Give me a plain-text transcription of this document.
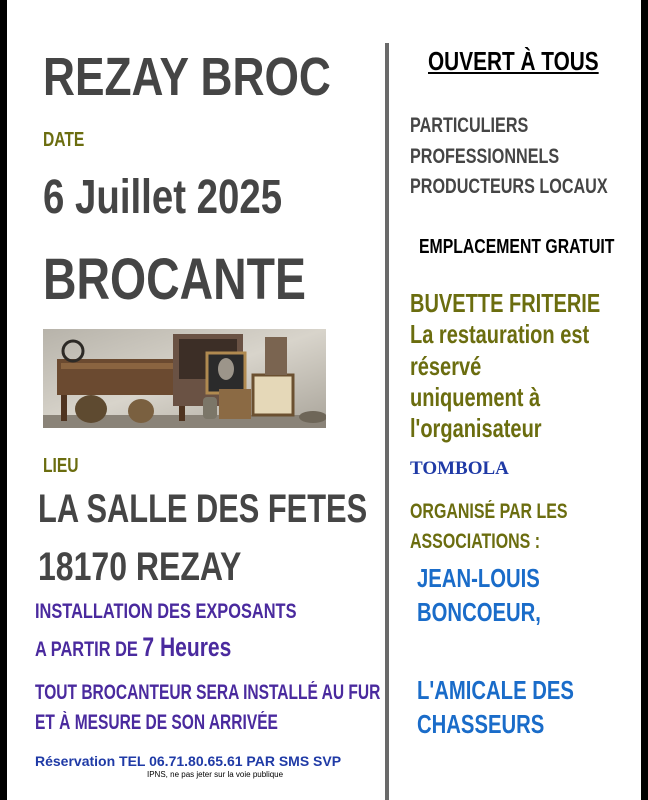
REZAY BROC
DATE
6 Juillet 2025
BROCANTE
LIEU
LA SALLE DES FETES
18170 REZAY
INSTALLATION DES EXPOSANTS
A PARTIR DE 7 Heures
TOUT BROCANTEUR SERA INSTALLÉ AU FUR
ET À MESURE DE SON ARRIVÉE
Réservation TEL 06.71.80.65.61 PAR SMS SVP
IPNS, ne pas jeter sur la voie publique
OUVERT À TOUS
PARTICULIERS
PROFESSIONNELS
PRODUCTEURS LOCAUX
EMPLACEMENT GRATUIT
BUVETTE FRITERIE
La restauration est
réservé
uniquement à
l'organisateur
TOMBOLA
ORGANISÉ PAR LES
ASSOCIATIONS :
JEAN-LOUIS
BONCOEUR,
L'AMICALE DES
CHASSEURS
